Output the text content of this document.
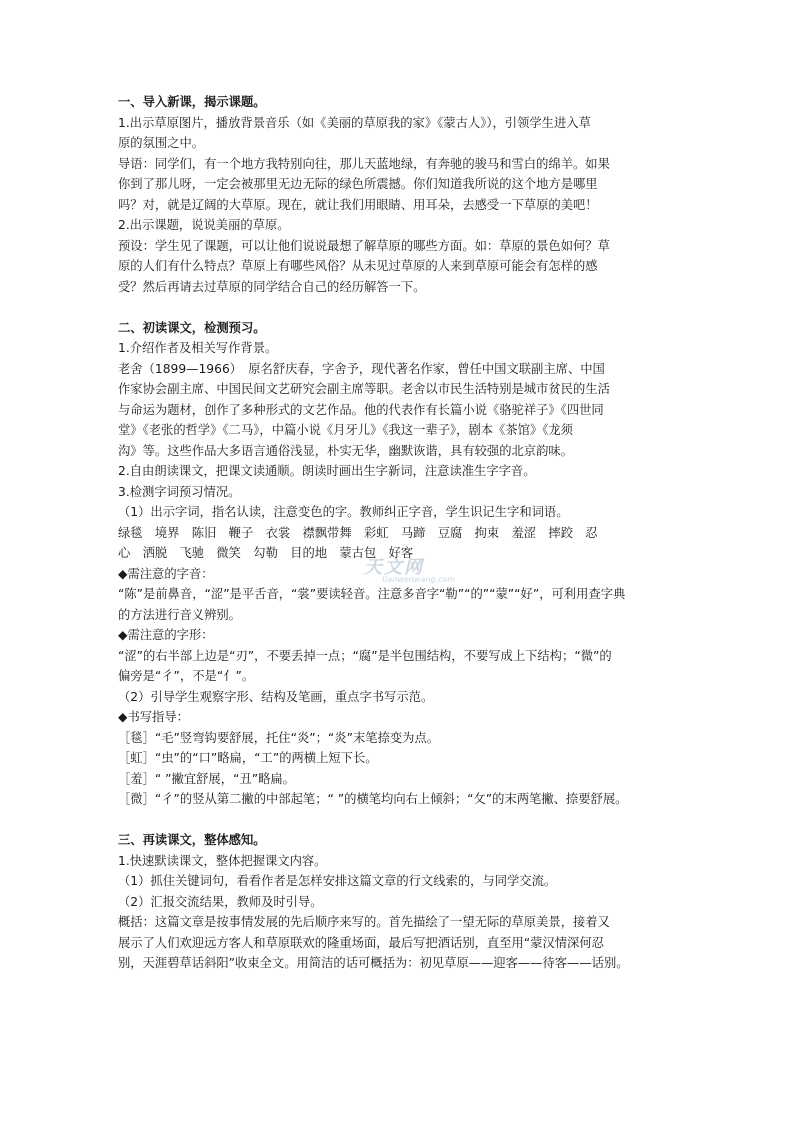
一、导入新课，揭示课题。
1.出示草原图片，播放背景音乐（如《美丽的草原我的家》《蒙古人》），引领学生进入草
原的氛围之中。
导语：同学们，有一个地方我特别向往，那儿天蓝地绿，有奔驰的骏马和雪白的绵羊。如果
你到了那儿呀，一定会被那里无边无际的绿色所震撼。你们知道我所说的这个地方是哪里
吗？对，就是辽阔的大草原。现在，就让我们用眼睛、用耳朵，去感受一下草原的美吧！
2.出示课题，说说美丽的草原。
预设：学生见了课题，可以让他们说说最想了解草原的哪些方面。如：草原的景色如何？草
原的人们有什么特点？草原上有哪些风俗？从未见过草原的人来到草原可能会有怎样的感
受？然后再请去过草原的同学结合自己的经历解答一下。
二、初读课文，检测预习。
1.介绍作者及相关写作背景。
老舍（1899—1966）　原名舒庆春，字舍予，现代著名作家，曾任中国文联副主席、中国
作家协会副主席、中国民间文艺研究会副主席等职。老舍以市民生活特别是城市贫民的生活
与命运为题材，创作了多种形式的文艺作品。他的代表作有长篇小说《骆驼祥子》《四世同
堂》《老张的哲学》《二马》，中篇小说《月牙儿》《我这一辈子》，剧本《茶馆》《龙须
沟》等。这些作品大多语言通俗浅显，朴实无华，幽默诙谐，具有较强的北京韵味。
2.自由朗读课文，把课文读通顺。朗读时画出生字新词，注意读准生字字音。
3.检测字词预习情况。
（1）出示字词，指名认读，注意变色的字。教师纠正字音，学生识记生字和词语。
绿毯　境界　陈旧　鞭子　衣裳　襟飘带舞　彩虹　马蹄　豆腐　拘束　羞涩　摔跤　忍
心　洒脱　飞驰　微笑　勾勒　目的地　蒙古包　好客
◆需注意的字音：
“陈”是前鼻音，“涩”是平舌音，“裳”要读轻音。注意多音字“勒”“的”“蒙”“好”，可利用查字典
的方法进行音义辨别。
◆需注意的字形：
“涩”的右半部上边是“刃”，不要丢掉一点；“腐”是半包围结构，不要写成上下结构；“微”的
偏旁是“彳”，不是“亻”。
（2）引导学生观察字形、结构及笔画，重点字书写示范。
◆书写指导：
［毯］“毛”竖弯钩要舒展，托住“炎”；“炎”末笔捺变为点。
［虹］“虫”的“口”略扁，“工”的两横上短下长。
［羞］“ ”撇宜舒展，“丑”略扁。
［微］“彳”的竖从第二撇的中部起笔；“ ”的横笔均向右上倾斜；“攵”的末两笔撇、捺要舒展。
三、再读课文，整体感知。
1.快速默读课文，整体把握课文内容。
（1）抓住关键词句，看看作者是怎样安排这篇文章的行文线索的，与同学交流。
（2）汇报交流结果，教师及时引导。
概括：这篇文章是按事情发展的先后顺序来写的。首先描绘了一望无际的草原美景，接着又
展示了人们欢迎远方客人和草原联欢的隆重场面，最后写把酒话别，直至用“蒙汉情深何忍
别，天涯碧草话斜阳”收束全文。用简洁的话可概括为：初见草原——迎客——待客——话别。
天文网
tianwenwang.com
